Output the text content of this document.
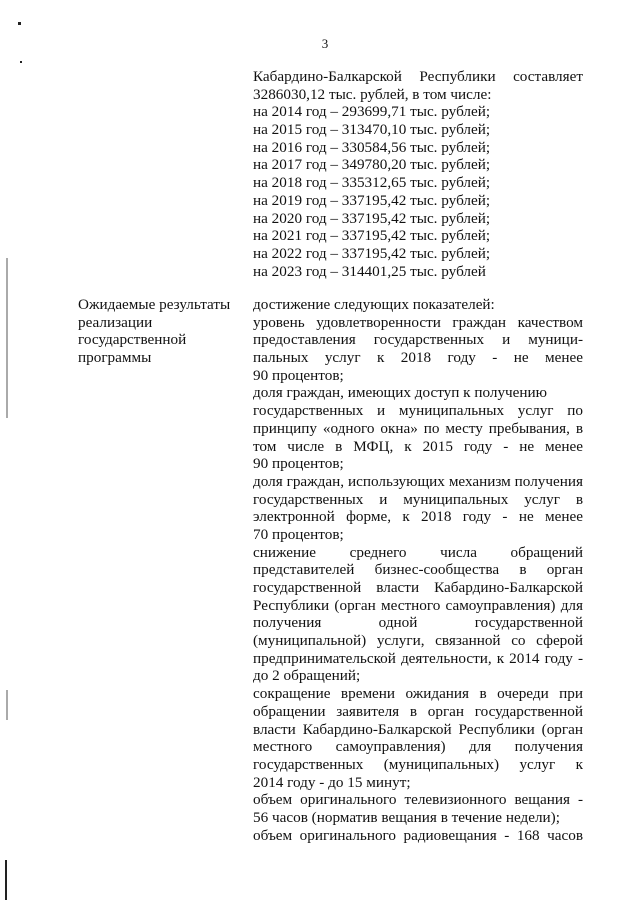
3
Кабардино-Балкарской Республики составляет
3286030,12 тыс. рублей, в том числе:
на 2014 год – 293699,71 тыс. рублей;
на 2015 год – 313470,10 тыс. рублей;
на 2016 год – 330584,56 тыс. рублей;
на 2017 год – 349780,20 тыс. рублей;
на 2018 год – 335312,65 тыс. рублей;
на 2019 год – 337195,42 тыс. рублей;
на 2020 год – 337195,42 тыс. рублей;
на 2021 год – 337195,42 тыс. рублей;
на 2022 год – 337195,42 тыс. рублей;
на 2023 год – 314401,25 тыс. рублей
Ожидаемые результаты
реализации
государственной
программы
достижение следующих показателей:
уровень удовлетворенности граждан качеством
предоставления государственных и муници-
пальных услуг к 2018 году - не менее
90 процентов;
доля граждан, имеющих доступ к получению
государственных и муниципальных услуг по
принципу «одного окна» по месту пребывания, в
том числе в МФЦ, к 2015 году - не менее
90 процентов;
доля граждан, использующих механизм получения
государственных и муниципальных услуг в
электронной форме, к 2018 году - не менее
70 процентов;
снижение среднего числа обращений
представителей бизнес-сообщества в орган
государственной власти Кабардино-Балкарской
Республики (орган местного самоуправления) для
получения одной государственной
(муниципальной) услуги, связанной со сферой
предпринимательской деятельности, к 2014 году -
до 2 обращений;
сокращение времени ожидания в очереди при
обращении заявителя в орган государственной
власти Кабардино-Балкарской Республики (орган
местного самоуправления) для получения
государственных (муниципальных) услуг к
2014 году - до 15 минут;
объем оригинального телевизионного вещания -
56 часов (норматив вещания в течение недели);
объем оригинального радиовещания - 168 часов
